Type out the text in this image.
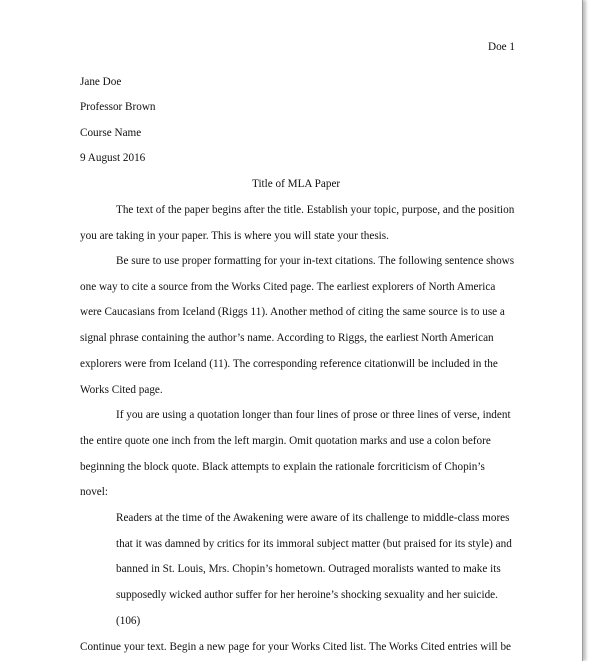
Doe 1
Jane Doe
Professor Brown
Course Name
9 August 2016
Title of MLA Paper
The text of the paper begins after the title. Establish your topic, purpose, and the position
you are taking in your paper. This is where you will state your thesis.
Be sure to use proper formatting for your in-text citations. The following sentence shows
one way to cite a source from the Works Cited page. The earliest explorers of North America
were Caucasians from Iceland (Riggs 11). Another method of citing the same source is to use a
signal phrase containing the author’s name. According to Riggs, the earliest North American
explorers were from Iceland (11). The corresponding reference citationwill be included in the
Works Cited page.
If you are using a quotation longer than four lines of prose or three lines of verse, indent
the entire quote one inch from the left margin. Omit quotation marks and use a colon before
beginning the block quote. Black attempts to explain the rationale forcriticism of Chopin’s
novel:
Readers at the time of the Awakening were aware of its challenge to middle-class mores
that it was damned by critics for its immoral subject matter (but praised for its style) and
banned in St. Louis, Mrs. Chopin’s hometown. Outraged moralists wanted to make its
supposedly wicked author suffer for her heroine’s shocking sexuality and her suicide.
(106)
Continue your text. Begin a new page for your Works Cited list. The Works Cited entries will be
